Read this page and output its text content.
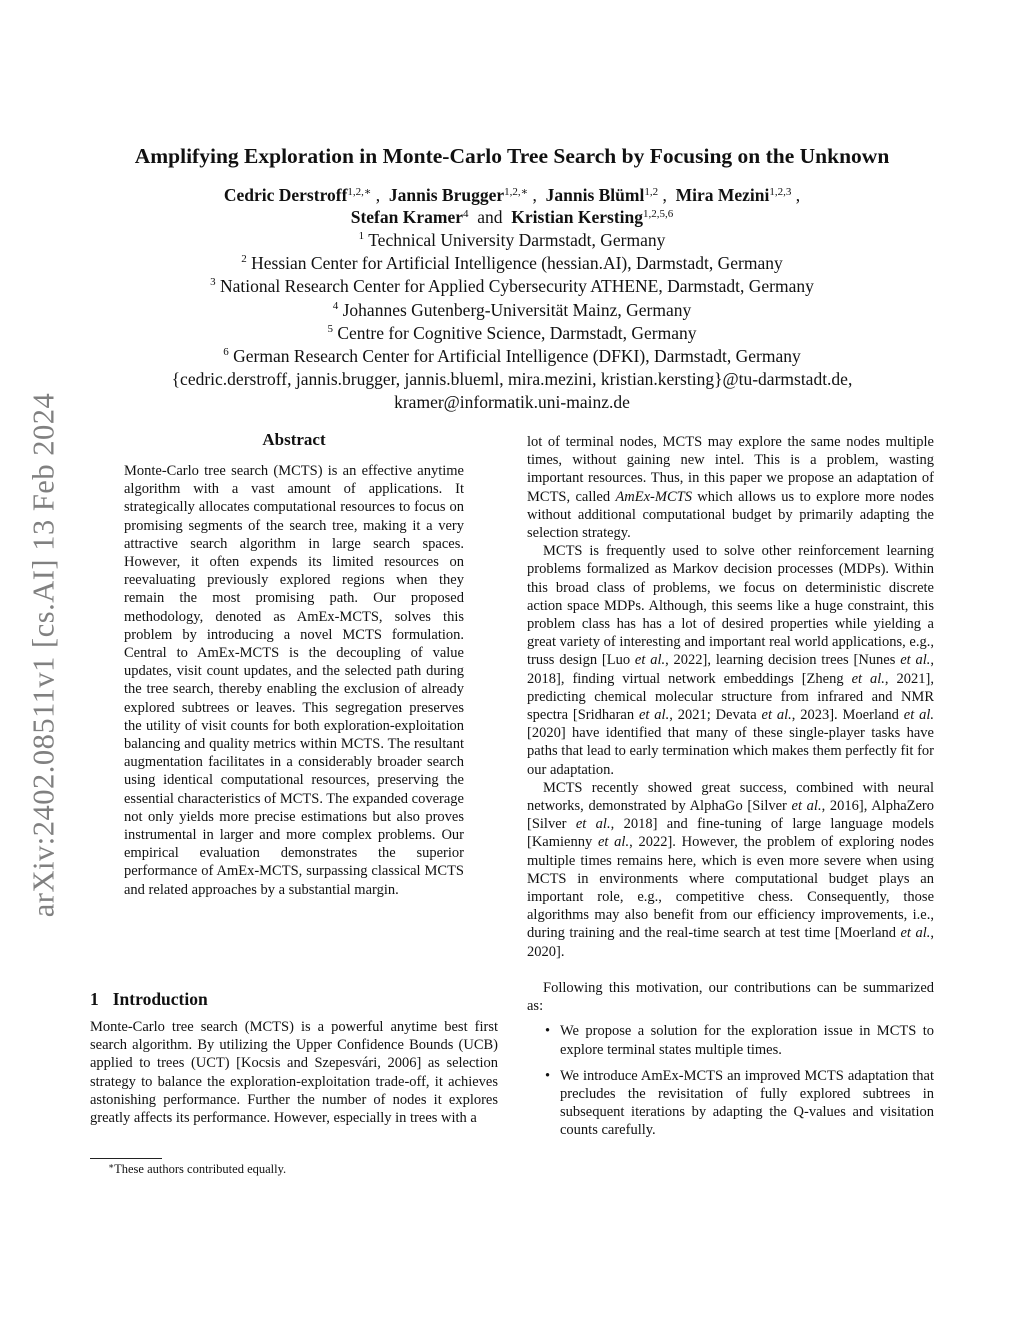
arXiv:2402.08511v1 [cs.AI] 13 Feb 2024
Amplifying Exploration in Monte-Carlo Tree Search by Focusing on the Unknown
Cedric Derstroff$^{1,2,∗}$ ,  Jannis Brugger$^{1,2,∗}$ ,  Jannis Blüml$^{1,2}$ ,  Mira Mezini$^{1,2,3}$ ,
Stefan Kramer$^4$ and Kristian Kersting$^{1,2,5,6}$
$^1$ Technical University Darmstadt, Germany
$^2$ Hessian Center for Artificial Intelligence (hessian.AI), Darmstadt, Germany
$^3$ National Research Center for Applied Cybersecurity ATHENE, Darmstadt, Germany
$^4$ Johannes Gutenberg-Universität Mainz, Germany
$^5$ Centre for Cognitive Science, Darmstadt, Germany
$^6$ German Research Center for Artificial Intelligence (DFKI), Darmstadt, Germany
{cedric.derstroff, jannis.brugger, jannis.blueml, mira.mezini, kristian.kersting}@tu-darmstadt.de,
kramer@informatik.uni-mainz.de
Abstract

Monte-Carlo tree search (MCTS) is an effective anytime algorithm with a vast amount of applications. It strategically allocates computational resources to focus on promising segments of the search tree, making it a very attractive search algorithm in large search spaces. However, it often expends its limited resources on reevaluating previously explored regions when they remain the most promising path. Our proposed methodology, denoted as AmEx-MCTS, solves this problem by introducing a novel MCTS formulation. Central to AmEx-MCTS is the decoupling of value updates, visit count updates, and the selected path during the tree search, thereby enabling the exclusion of already explored subtrees or leaves. This segregation preserves the utility of visit counts for both exploration-exploitation balancing and quality metrics within MCTS. The resultant augmentation facilitates in a considerably broader search using identical computational resources, preserving the essential characteristics of MCTS. The expanded coverage not only yields more precise estimations but also proves instrumental in larger and more complex problems. Our empirical evaluation demonstrates the superior performance of AmEx-MCTS, surpassing classical MCTS and related approaches by a substantial margin.

1 Introduction

Monte-Carlo tree search (MCTS) is a powerful anytime best first search algorithm. By utilizing the Upper Confidence Bounds (UCB) applied to trees (UCT) [Kocsis and Szepesvári, 2006] as selection strategy to balance the exploration-exploitation trade-off, it achieves astonishing performance. Further the number of nodes it explores greatly affects its performance. However, especially in trees with a

lot of terminal nodes, MCTS may explore the same nodes multiple times, without gaining new intel. This is a problem, wasting important resources. Thus, in this paper we propose an adaptation of MCTS, called AmEx-MCTS which allows us to explore more nodes without additional computational budget by primarily adapting the selection strategy.

MCTS is frequently used to solve other reinforcement learning problems formalized as Markov decision processes (MDPs). Within this broad class of problems, we focus on deterministic discrete action space MDPs. Although, this seems like a huge constraint, this problem class has has a lot of desired properties while yielding a great variety of interesting and important real world applications, e.g., truss design [Luo et al., 2022], learning decision trees [Nunes et al., 2018], finding virtual network embeddings [Zheng et al., 2021], predicting chemical molecular structure from infrared and NMR spectra [Sridharan et al., 2021; Devata et al., 2023]. Moerland et al. [2020] have identified that many of these single-player tasks have paths that lead to early termination which makes them perfectly fit for our adaptation.

MCTS recently showed great success, combined with neural networks, demonstrated by AlphaGo [Silver et al., 2016], AlphaZero [Silver et al., 2018] and fine-tuning of large language models [Kamienny et al., 2022]. However, the problem of exploring nodes multiple times remains here, which is even more severe when using MCTS in environments where computational budget plays an important role, e.g., competitive chess. Consequently, those algorithms may also benefit from our efficiency improvements, i.e., during training and the real-time search at test time [Moerland et al., 2020].

Following this motivation, our contributions can be summarized as:

• We propose a solution for the exploration issue in MCTS to explore terminal states multiple times.
• We introduce AmEx-MCTS an improved MCTS adaptation that precludes the revisitation of fully explored subtrees in subsequent iterations by adapting the Q-values and visitation counts carefully.
∗These authors contributed equally.
